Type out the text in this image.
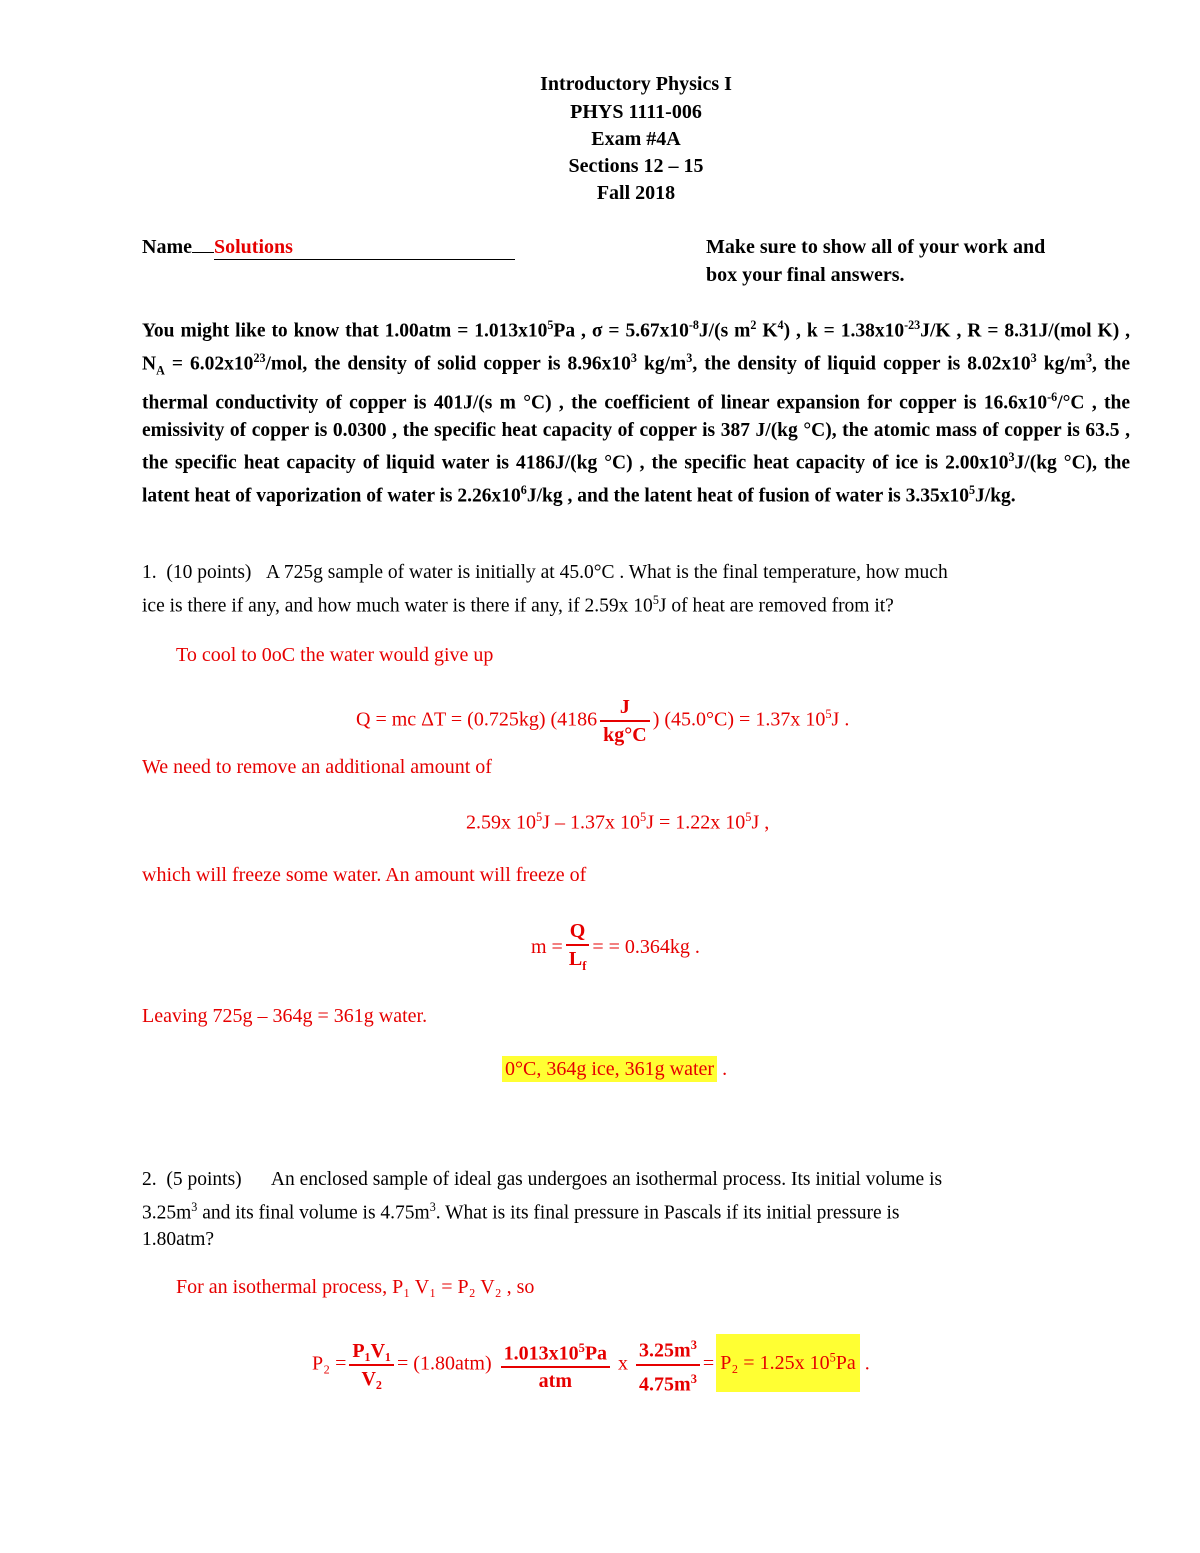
Introductory Physics I
PHYS 1111-006
Exam #4A
Sections 12 – 15
Fall 2018
Name Solutions	Make sure to show all of your work and
box your final answers.
You might like to know that $1.00atm = 1.013x10^5Pa$ , $\sigma = 5.67x10^{-8}J/(s$ $m^2$ $K^4$) , $k = 1.38x10^{-23}J/K$ , R = 8.31J/(mol K) , $N_A = 6.02x10^{23}/mol$, the density of solid copper is $8.96x10^3$ $kg/m^3$, the density of liquid copper is $8.02x10^3$ $kg/m^3$, the thermal conductivity of copper is 401J/(s m °C) , the coefficient of linear expansion for copper is $16.6x10^{-6}/^\circ C$ , the emissivity of copper is 0.0300 , the specific heat capacity of copper is 387 J/(kg °C), the atomic mass of copper is 63.5 , the specific heat capacity of liquid water is 4186J/(kg °C) , the specific heat capacity of ice is $2.00x10^3J/(kg$ °C), the latent heat of vaporization of water is $2.26x10^6J/kg$ , and the latent heat of fusion of water is $3.35x10^5J/kg$.
1. (10 points) A 725g sample of water is initially at 45.0°C . What is the final temperature, how much
ice is there if any, and how much water is there if any, if 2.59x $10^5J$ of heat are removed from it?
To cool to 0oC the water would give up
Q = mc ΔT = (0.725kg) ($4186 \frac{J}{kg^\circ C}$ ) (45.0°C) = 1.37x $10^5J$ .
We need to remove an additional amount of
2.59x $10^5J - 1.37x$ $10^5J = 1.22x$ $10^5J$ ,
which will freeze some water. An amount will freeze of
$m = \frac{Q}{L_f}$ = = 0.364kg .
Leaving 725g – 364g = 361g water.
0°C, 364g ice, 361g water .
2. (5 points) An enclosed sample of ideal gas undergoes an isothermal process. Its initial volume is
$3.25m^3$ and its final volume is $4.75m^3$. What is its final pressure in Pascals if its initial pressure is
1.80atm?
For an isothermal process, P₁ V₁ = P₂ V₂ , so
$P_2 = \frac{\text{P₁V₁}}{\text{V₂}} = (1.80atm) \frac{1.013x10^5Pa}{\text{atm}}$ x $\frac{3.25m^3}{4.75m^3} = P_2 = 1.25x$ $10^5Pa$ .
